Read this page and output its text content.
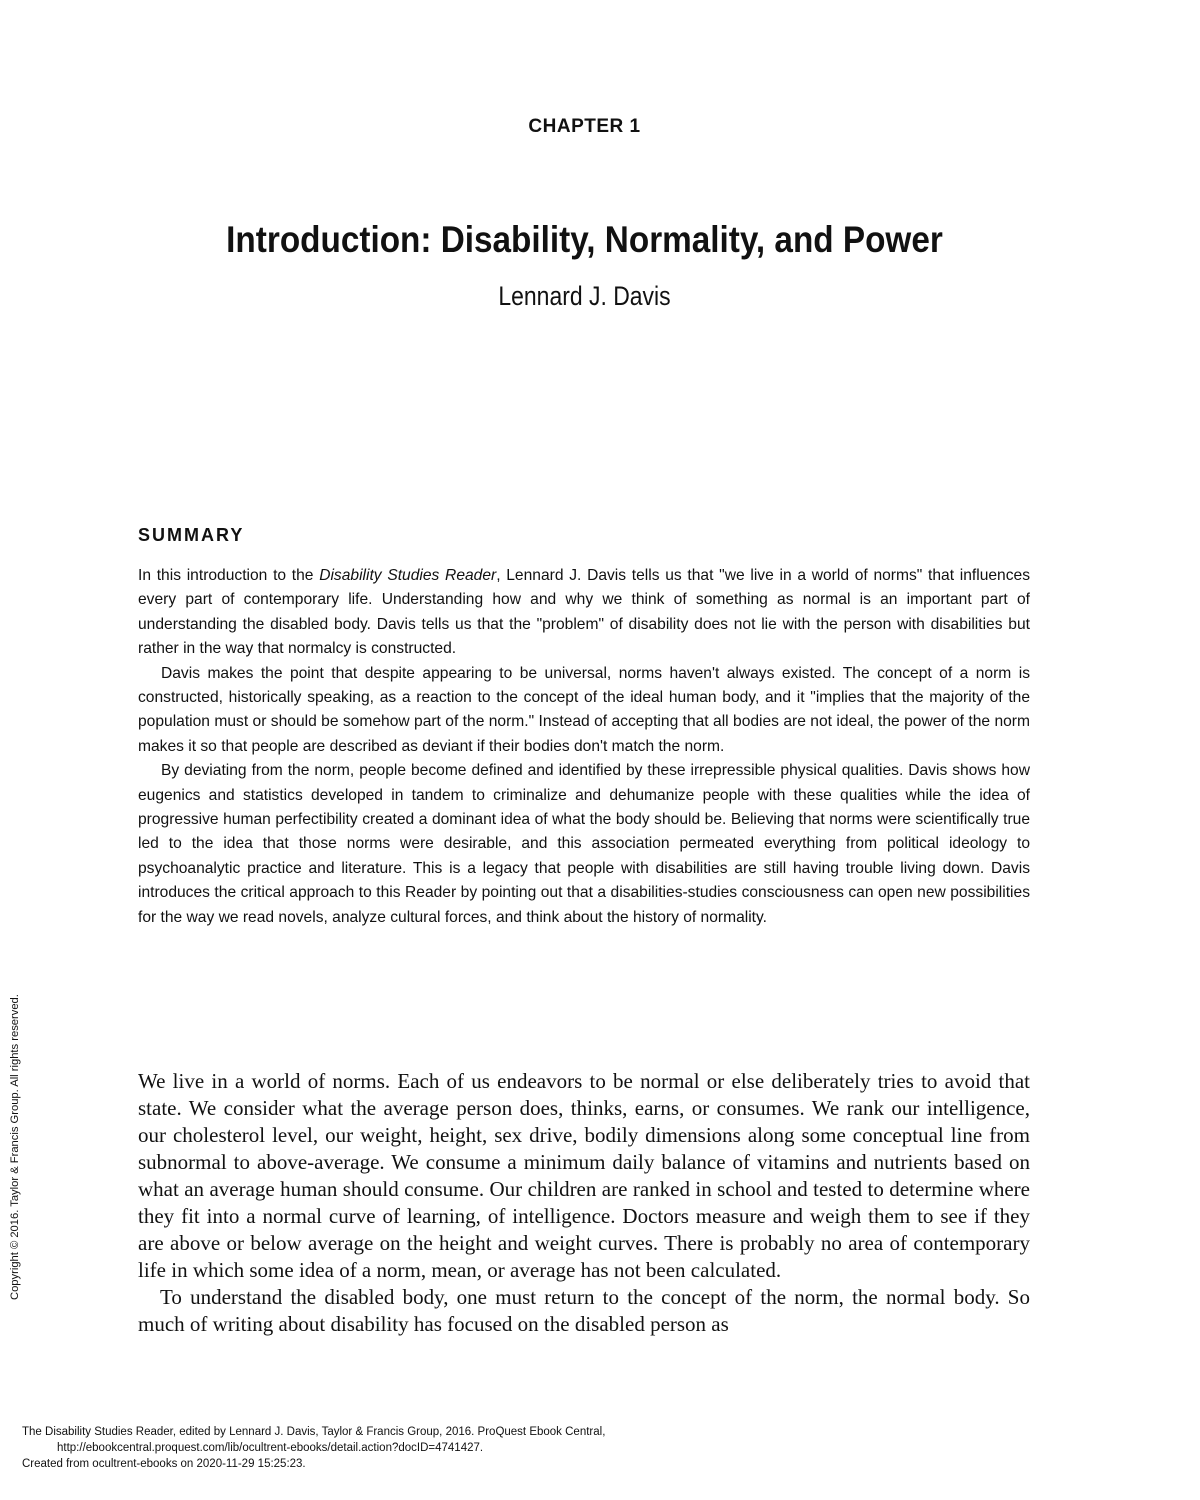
CHAPTER 1
Introduction: Disability, Normality, and Power
Lennard J. Davis
SUMMARY

In this introduction to the Disability Studies Reader, Lennard J. Davis tells us that "we live in a world of norms" that influences every part of contemporary life. Understanding how and why we think of something as normal is an important part of understanding the disabled body. Davis tells us that the "problem" of disability does not lie with the person with disabilities but rather in the way that normalcy is constructed.

Davis makes the point that despite appearing to be universal, norms haven't always existed. The concept of a norm is constructed, historically speaking, as a reaction to the concept of the ideal human body, and it "implies that the majority of the population must or should be somehow part of the norm." Instead of accepting that all bodies are not ideal, the power of the norm makes it so that people are described as deviant if their bodies don't match the norm.

By deviating from the norm, people become defined and identified by these irrepressible physical qualities. Davis shows how eugenics and statistics developed in tandem to criminalize and dehumanize people with these qualities while the idea of progressive human perfectibility created a dominant idea of what the body should be. Believing that norms were scientifically true led to the idea that those norms were desirable, and this association permeated everything from political ideology to psychoanalytic practice and literature. This is a legacy that people with disabilities are still having trouble living down. Davis introduces the critical approach to this Reader by pointing out that a disabilities-studies consciousness can open new possibilities for the way we read novels, analyze cultural forces, and think about the history of normality.

We live in a world of norms. Each of us endeavors to be normal or else deliberately tries to avoid that state. We consider what the average person does, thinks, earns, or consumes. We rank our intelligence, our cholesterol level, our weight, height, sex drive, bodily dimensions along some conceptual line from subnormal to above-average. We consume a minimum daily balance of vitamins and nutrients based on what an average human should consume. Our children are ranked in school and tested to determine where they fit into a normal curve of learning, of intelligence. Doctors measure and weigh them to see if they are above or below average on the height and weight curves. There is probably no area of contemporary life in which some idea of a norm, mean, or average has not been calculated.

To understand the disabled body, one must return to the concept of the norm, the normal body. So much of writing about disability has focused on the disabled person as

Copyright © 2016. Taylor & Francis Group. All rights reserved.
The Disability Studies Reader, edited by Lennard J. Davis, Taylor & Francis Group, 2016. ProQuest Ebook Central,
http://ebookcentral.proquest.com/lib/ocultrent-ebooks/detail.action?docID=4741427.
Created from ocultrent-ebooks on 2020-11-29 15:25:23.
